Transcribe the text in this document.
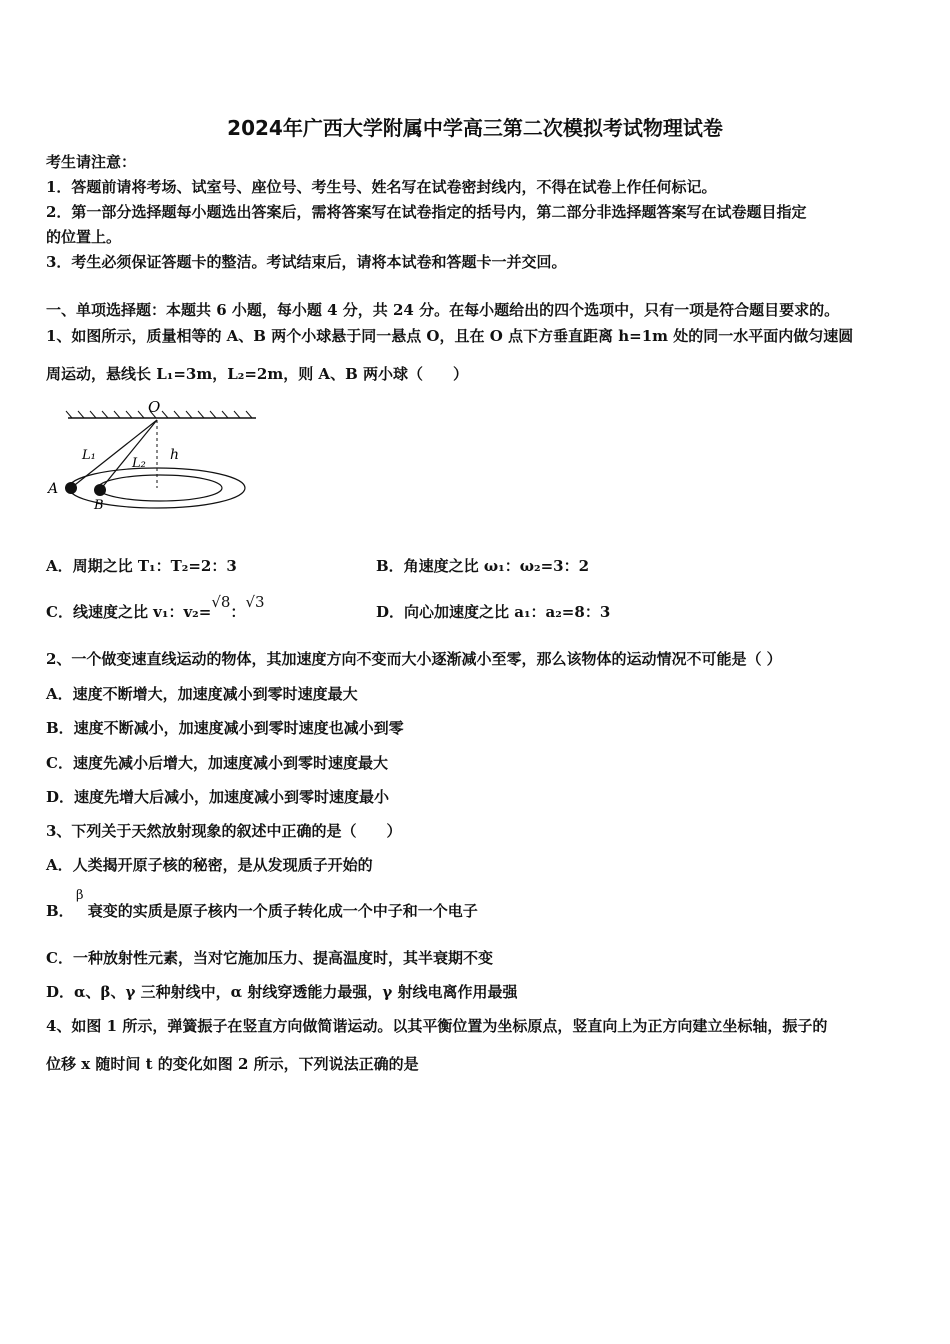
2024年广西大学附属中学高三第二次模拟考试物理试卷
考生请注意：
1．答题前请将考场、试室号、座位号、考生号、姓名写在试卷密封线内，不得在试卷上作任何标记。
2．第一部分选择题每小题选出答案后，需将答案写在试卷指定的括号内，第二部分非选择题答案写在试卷题目指定
的位置上。
3．考生必须保证答题卡的整洁。考试结束后，请将本试卷和答题卡一并交回。
一、单项选择题：本题共 6 小题，每小题 4 分，共 24 分。在每小题给出的四个选项中，只有一项是符合题目要求的。
1、如图所示，质量相等的 A、B 两个小球悬于同一悬点 O，且在 O 点下方垂直距离 h=1m 处的同一水平面内做匀速圆
周运动，悬线长 L₁=3m，L₂=2m，则 A、B 两小球（　　）
O
L₁
L₂
h
A
B
A．周期之比 T₁：T₂=2：3	B．角速度之比 ω₁：ω₂=3：2
C．线速度之比 v₁：v₂=√8：√3
D．向心加速度之比 a₁：a₂=8：3
2、一个做变速直线运动的物体，其加速度方向不变而大小逐渐减小至零，那么该物体的运动情况不可能是（ ）
A．速度不断增大，加速度减小到零时速度最大
B．速度不断减小，加速度减小到零时速度也减小到零
C．速度先减小后增大，加速度减小到零时速度最大
D．速度先增大后减小，加速度减小到零时速度最小
3、下列关于天然放射现象的叙述中正确的是（　　）
A．人类揭开原子核的秘密，是从发现质子开始的
B． 衰变的实质是原子核内一个质子转化成一个中子和一个电子
β
C．一种放射性元素，当对它施加压力、提高温度时，其半衰期不变
D．α、β、γ 三种射线中，α 射线穿透能力最强，γ 射线电离作用最强
4、如图 1 所示，弹簧振子在竖直方向做简谐运动。以其平衡位置为坐标原点，竖直向上为正方向建立坐标轴，振子的
位移 x 随时间 t 的变化如图 2 所示，下列说法正确的是
